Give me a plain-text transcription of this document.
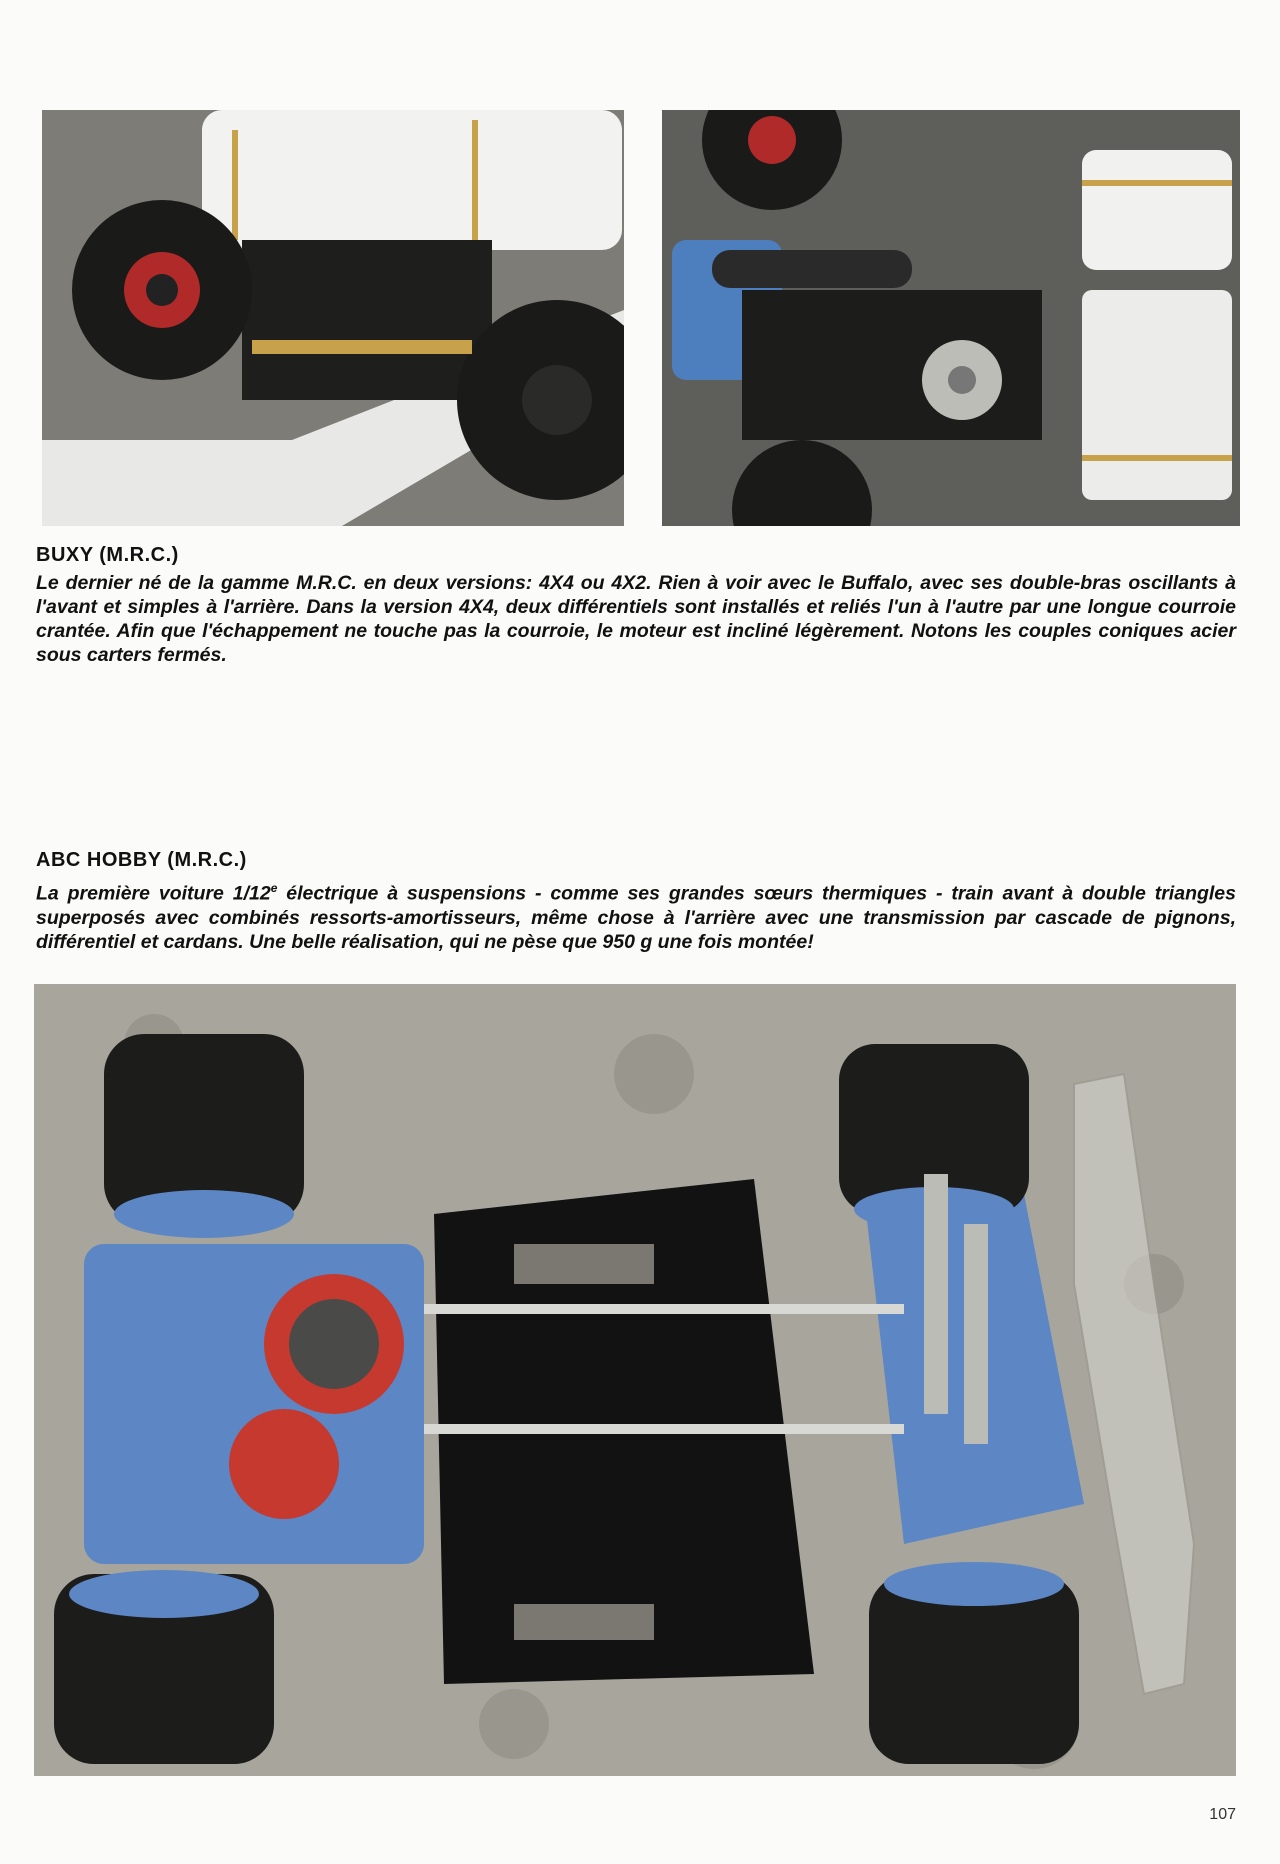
BUXY (M.R.C.)

Le dernier né de la gamme M.R.C. en deux versions: 4X4 ou 4X2. Rien à voir avec le Buffalo, avec ses double-bras oscillants à l'avant et simples à l'arrière. Dans la version 4X4, deux différentiels sont installés et reliés l'un à l'autre par une longue courroie crantée. Afin que l'échappement ne touche pas la courroie, le moteur est incliné légèrement. Notons les couples coniques acier sous carters fermés.

ABC HOBBY (M.R.C.)

La première voiture 1/12e électrique à suspensions - comme ses grandes sœurs thermiques - train avant à double triangles superposés avec combinés ressorts-amortisseurs, même chose à l'arrière avec une transmission par cascade de pignons, différentiel et cardans. Une belle réalisation, qui ne pèse que 950 g une fois montée!

107
